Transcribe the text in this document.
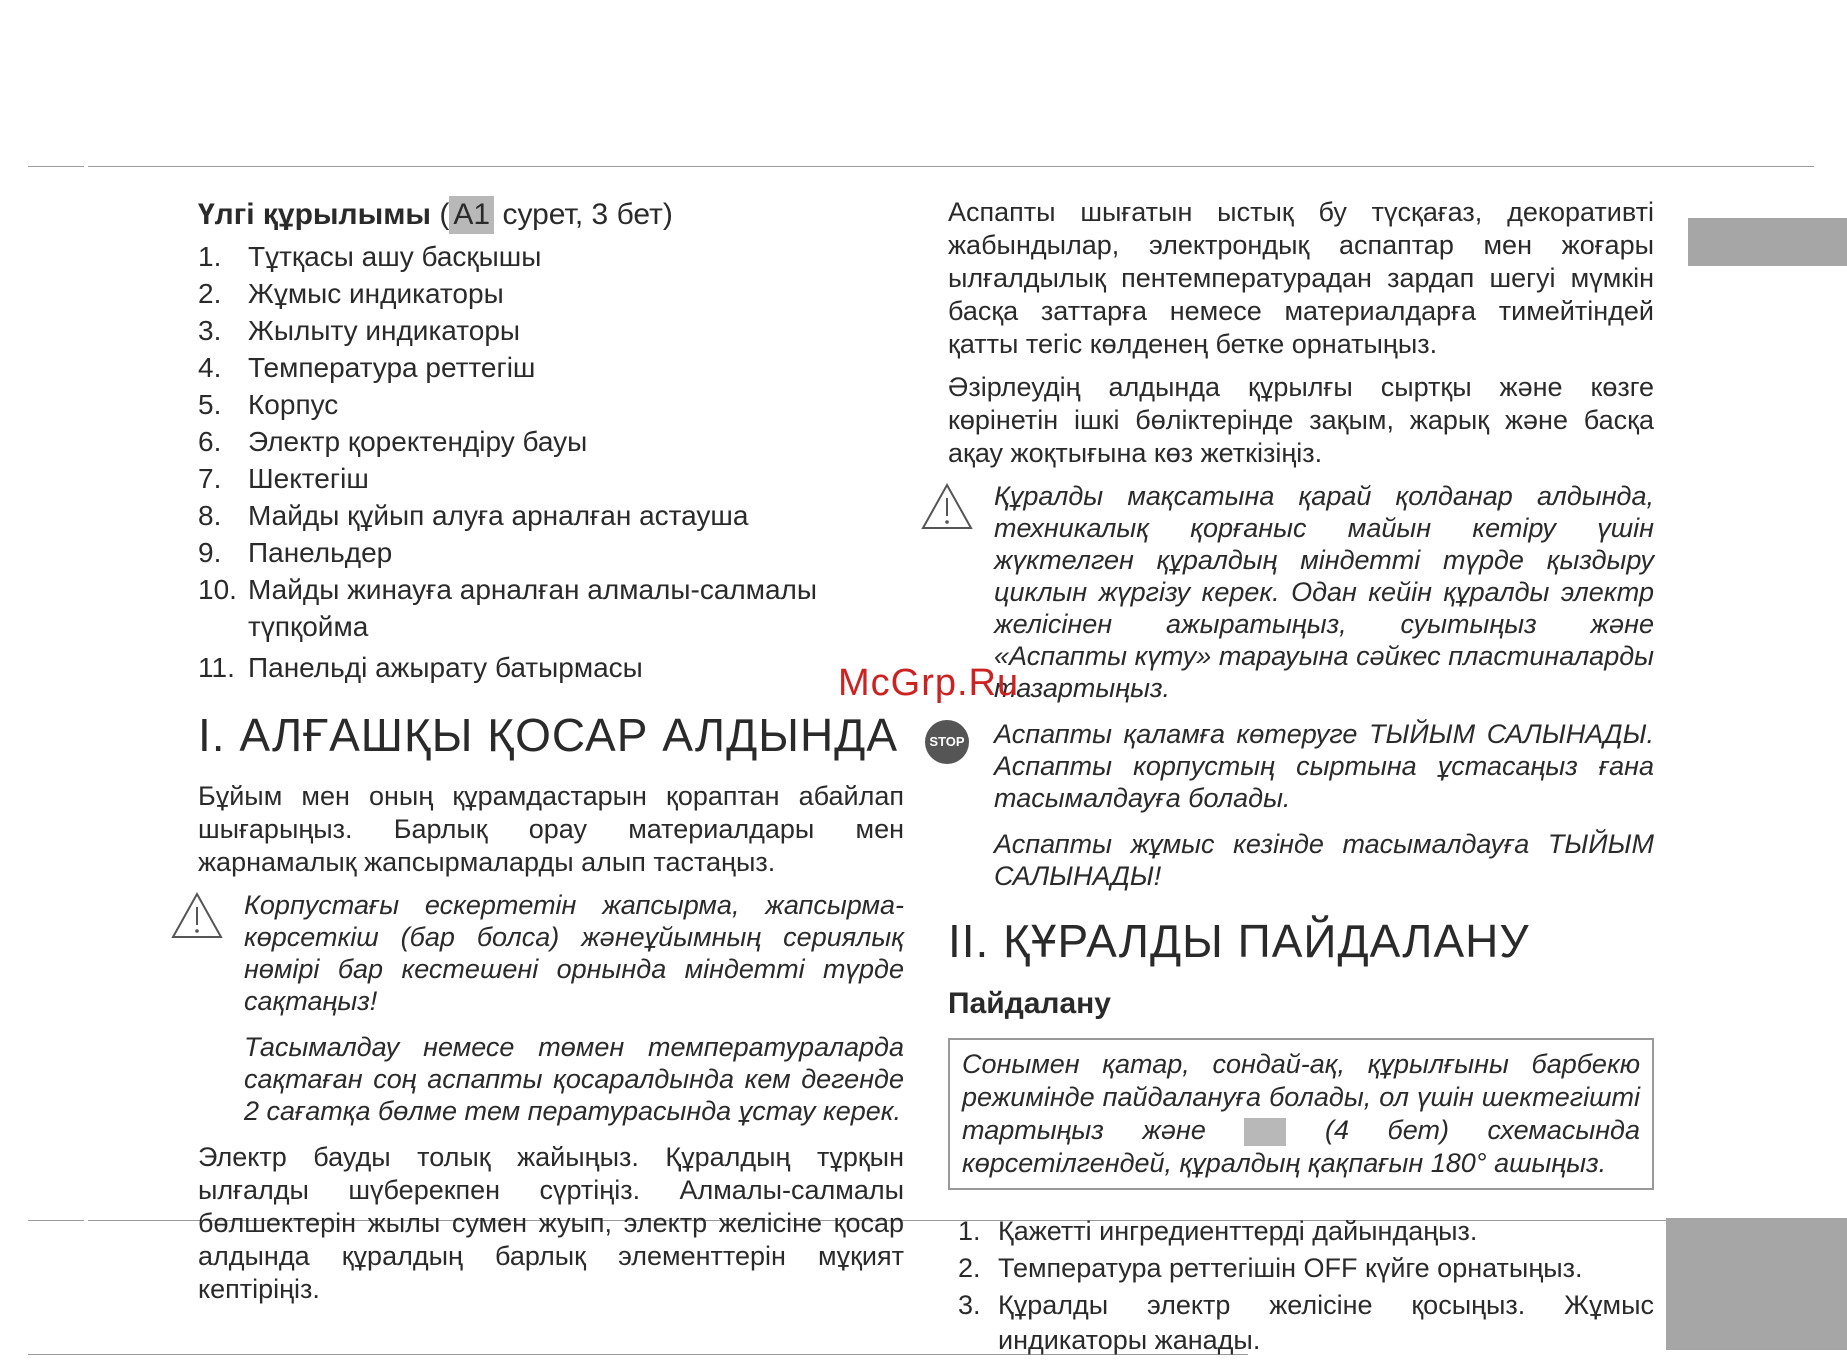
Үлгі құрылымы ( A1 сурет, 3 бет)
1. Тұтқасы ашу басқышы
2. Жұмыс индикаторы
3. Жылыту индикаторы
4. Температура реттегіш
5. Корпус
6. Электр қоректендіру бауы
7. Шектегіш
8. Майды құйып алуға арналған астауша
9. Панельдер
10. Майды жинауға арналған алмалы-салмалы түпқойма
11. Панельді ажырату батырмасы
I. АЛҒАШҚЫ ҚОСАР АЛДЫНДА

Бұйым мен оның құрамдастарын қораптан абайлап шығарыңыз. Барлық орау материалдары мен жарнамалық жапсырмаларды алып тастаңыз.

Корпустағы ескертетін жапсырма, жапсырма-көрсеткіш (бар болса) жәнеұйымның сериялық нөмірі бар кестешені орнында міндетті түрде сақтаңыз!

Тасымалдау немесе төмен температураларда сақтаған соң аспапты қосаралдында кем дегенде 2 сағатқа бөлме тем пературасында ұстау керек.

Электр бауды толық жайыңыз. Құралдың тұрқын ылғалды шүберекпен сүртіңіз. Алмалы-салмалы бөлшектерін жылы сумен жуып, электр желісіне қосар алдында құралдың барлық элементтерін мұқият кептіріңіз.

Аспапты шығатын ыстық бу түсқағаз, декоративті жабындылар, электрондық аспаптар мен жоғары ылғалдылық пентемпературадан зардап шегуі мүмкін басқа заттарға немесе материалдарға тимейтіндей қатты тегіс көлденең бетке орнатыңыз.

Әзірлеудің алдында құрылғы сыртқы және көзге көрінетін ішкі бөліктерінде зақым, жарық және басқа ақау жоқтығына көз жеткізіңіз.

Құралды мақсатына қарай қолданар алдында, техникалық қорғаныс майын кетіру үшін жүктелген құралдың міндетті түрде қыздыру циклын жүргізу керек. Одан кейін құралды электр желісінен ажыратыңыз, суытыңыз және «Аспапты күту» тарауына сәйкес пластиналарды тазартыңыз.

STOP Аспапты қаламға көтеруге ТЫЙЫМ САЛЫНАДЫ. Аспапты корпустың сыртына ұстасаңыз ғана тасымалдауға болады.

Аспапты жұмыс кезінде тасымалдауға ТЫЙЫМ САЛЫНАДЫ!

II. ҚҰРАЛДЫ ПАЙДАЛАНУ
Пайдалану

Сонымен қатар, сондай-ақ, құрылғыны барбекю режимінде пайдалануға болады, ол үшін шектегішті тартыңыз және	(4 бет) схемасында көрсетілгендей, құралдың қақпағын 180° ашыңыз.

1. Қажетті ингредиенттерді дайындаңыз.
2. Температура реттегішін OFF күйге орнатыңыз.
3. Құралды электр желісіне қосыңыз. Жұмыс индикаторы жанады.
McGrp.Ru
